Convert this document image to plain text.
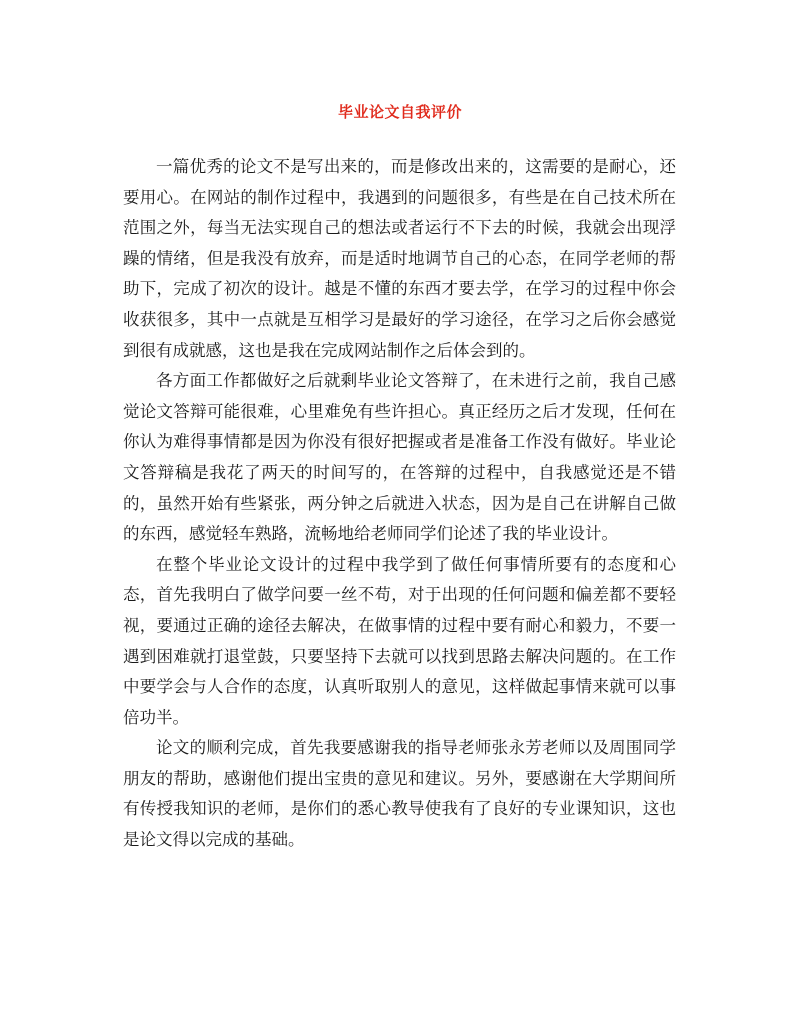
毕业论文自我评价

一篇优秀的论文不是写出来的，而是修改出来的，这需要的是耐心，还要用心。在网站的制作过程中，我遇到的问题很多，有些是在自己技术所在范围之外，每当无法实现自己的想法或者运行不下去的时候，我就会出现浮躁的情绪，但是我没有放弃，而是适时地调节自己的心态，在同学老师的帮助下，完成了初次的设计。越是不懂的东西才要去学，在学习的过程中你会收获很多，其中一点就是互相学习是最好的学习途径，在学习之后你会感觉到很有成就感，这也是我在完成网站制作之后体会到的。

各方面工作都做好之后就剩毕业论文答辩了，在未进行之前，我自己感觉论文答辩可能很难，心里难免有些许担心。真正经历之后才发现，任何在你认为难得事情都是因为你没有很好把握或者是准备工作没有做好。毕业论文答辩稿是我花了两天的时间写的，在答辩的过程中，自我感觉还是不错的，虽然开始有些紧张，两分钟之后就进入状态，因为是自己在讲解自己做的东西，感觉轻车熟路，流畅地给老师同学们论述了我的毕业设计。

在整个毕业论文设计的过程中我学到了做任何事情所要有的态度和心态，首先我明白了做学问要一丝不苟，对于出现的任何问题和偏差都不要轻视，要通过正确的途径去解决，在做事情的过程中要有耐心和毅力，不要一遇到困难就打退堂鼓，只要坚持下去就可以找到思路去解决问题的。在工作中要学会与人合作的态度，认真听取别人的意见，这样做起事情来就可以事倍功半。

论文的顺利完成，首先我要感谢我的指导老师张永芳老师以及周围同学朋友的帮助，感谢他们提出宝贵的意见和建议。另外，要感谢在大学期间所有传授我知识的老师，是你们的悉心教导使我有了良好的专业课知识，这也是论文得以完成的基础。
